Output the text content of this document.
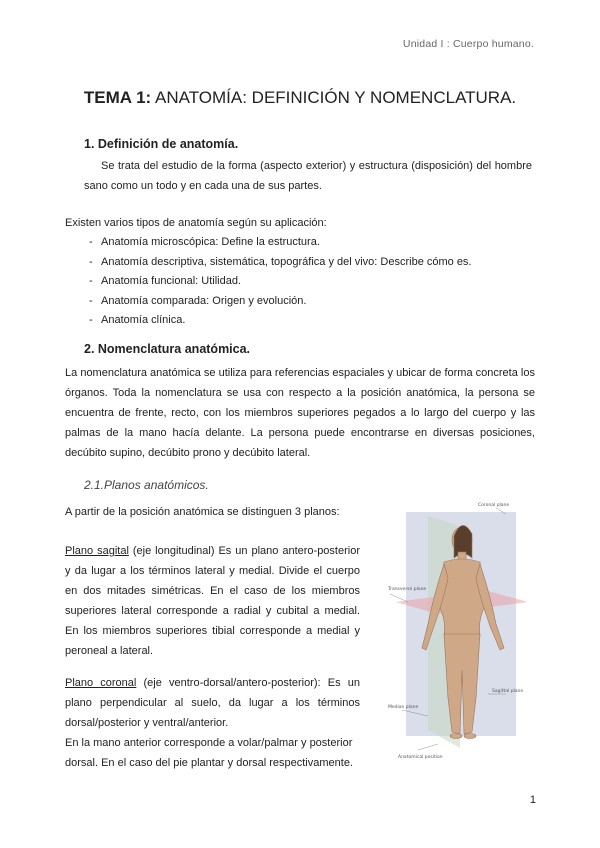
Unidad I : Cuerpo humano.
TEMA 1: ANATOMÍA: DEFINICIÓN Y NOMENCLATURA.
1. Definición de anatomía.
Se trata del estudio de la forma (aspecto exterior) y estructura (disposición) del hombre sano como un todo y en cada una de sus partes.
Existen varios tipos de anatomía según su aplicación:
- Anatomía microscópica: Define la estructura.
- Anatomía descriptiva, sistemática, topográfica y del vivo: Describe cómo es.
- Anatomía funcional: Utilidad.
- Anatomía comparada: Origen y evolución.
- Anatomía clínica.
2. Nomenclatura anatómica.
La nomenclatura anatómica se utiliza para referencias espaciales y ubicar de forma concreta los órganos. Toda la nomenclatura se usa con respecto a la posición anatómica, la persona se encuentra de frente, recto, con los miembros superiores pegados a lo largo del cuerpo y las palmas de la mano hacía delante. La persona puede encontrarse en diversas posiciones, decúbito supino, decúbito prono y decúbito lateral.
2.1.Planos anatómicos.
A partir de la posición anatómica se distinguen 3 planos:
Plano sagital (eje longitudinal) Es un plano antero-posterior y da lugar a los términos lateral y medial. Divide el cuerpo en dos mitades simétricas. En el caso de los miembros superiores lateral corresponde a radial y cubital a medial. En los miembros superiores tibial corresponde a medial y peroneal a lateral.
Plano coronal (eje ventro-dorsal/antero-posterior): Es un plano perpendicular al suelo, da lugar a los términos dorsal/posterior y ventral/anterior.
En la mano anterior corresponde a volar/palmar y posterior dorsal. En el caso del pie plantar y dorsal respectivamente.
Coronal plane
Transverse plane
Sagittal plane
Median plane
Anatomical position
1
